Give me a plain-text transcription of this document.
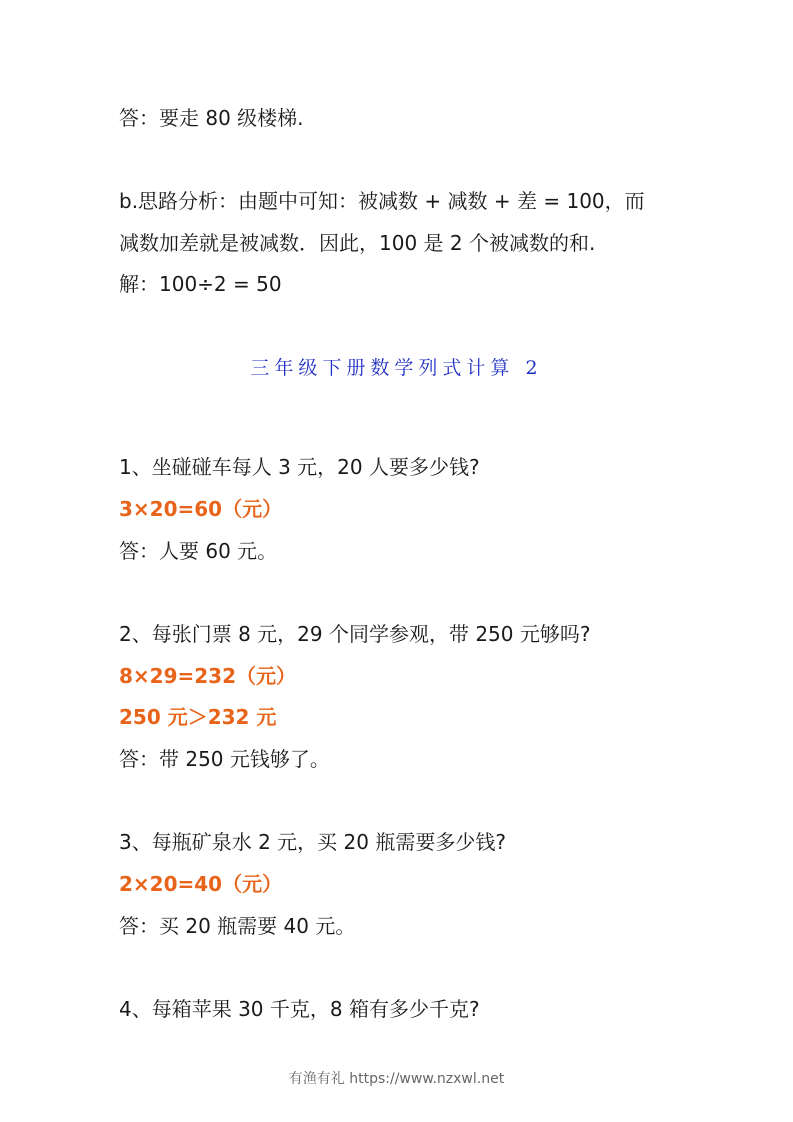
答：要走 80 级楼梯.
b.思路分析：由题中可知：被减数 + 减数 + 差 = 100，而
减数加差就是被减数．因此，100 是 2 个被减数的和.
解：100÷2 = 50
三年级下册数学列式计算 2
1、坐碰碰车每人 3 元，20 人要多少钱?
3×20=60（元）
答：人要 60 元。
2、每张门票 8 元，29 个同学参观，带 250 元够吗?
8×29=232（元）
250 元＞232 元
答：带 250 元钱够了。
3、每瓶矿泉水 2 元，买 20 瓶需要多少钱?
2×20=40（元）
答：买 20 瓶需要 40 元。
4、每箱苹果 30 千克，8 箱有多少千克?
有渔有礼 https://www.nzxwl.net
